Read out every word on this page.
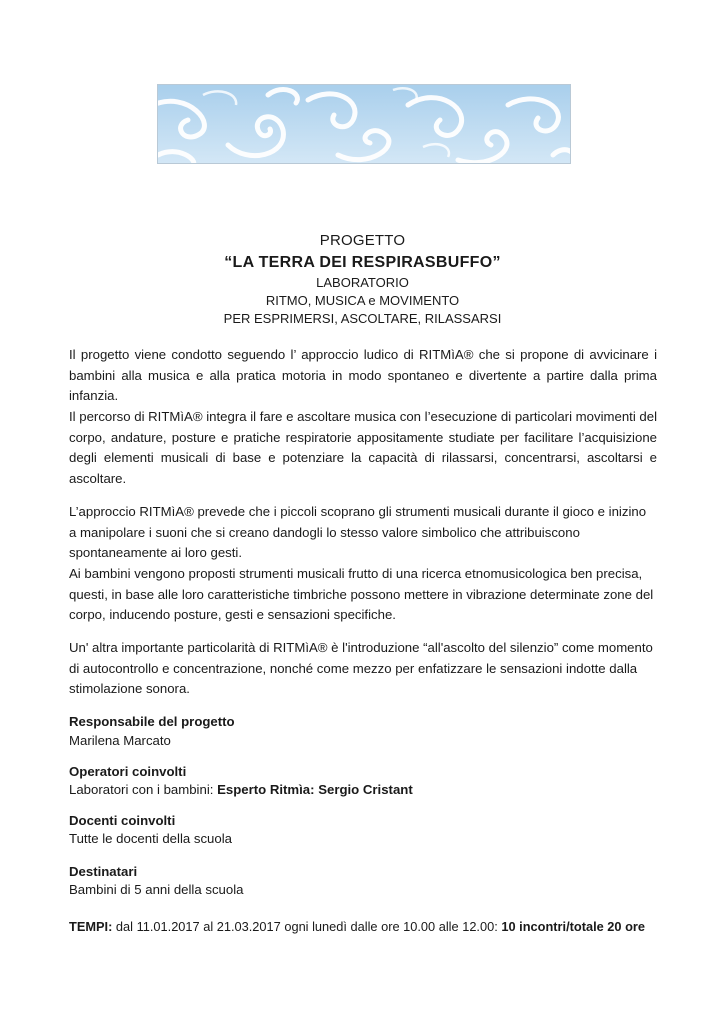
PROGETTO
“LA TERRA DEI RESPIRASBUFFO”
LABORATORIO
RITMO, MUSICA e MOVIMENTO
PER ESPRIMERSI, ASCOLTARE, RILASSARSI

Il progetto viene condotto seguendo l’ approccio ludico di RITMìA® che si propone di avvicinare i bambini alla musica e alla pratica motoria in modo spontaneo e divertente a partire dalla prima infanzia.

Il percorso di RITMìA® integra il fare e ascoltare musica con l’esecuzione di particolari movimenti del corpo, andature, posture e pratiche respiratorie appositamente studiate per facilitare l’acquisizione degli elementi musicali di base e potenziare la capacità di rilassarsi, concentrarsi, ascoltarsi e ascoltare.

L’approccio RITMìA® prevede che i piccoli scoprano gli strumenti musicali durante il gioco e inizino a manipolare i suoni che si creano dandogli lo stesso valore simbolico che attribuiscono spontaneamente ai loro gesti.

Ai bambini vengono proposti strumenti musicali frutto di una ricerca etnomusicologica ben precisa, questi, in base alle loro caratteristiche timbriche possono mettere in vibrazione determinate zone del corpo, inducendo posture, gesti e sensazioni specifiche.

Un' altra importante particolarità di RITMìA® è l'introduzione “all'ascolto del silenzio” come momento di autocontrollo e concentrazione, nonché come mezzo per enfatizzare le sensazioni indotte dalla stimolazione sonora.

Responsabile del progetto
Marilena Marcato
Operatori coinvolti
Laboratori con i bambini: Esperto Ritmìa: Sergio Cristant
Docenti coinvolti
Tutte le docenti della scuola
Destinatari
Bambini di 5 anni della scuola
TEMPI: dal 11.01.2017 al 21.03.2017 ogni lunedì dalle ore 10.00 alle 12.00: 10 incontri/totale 20 ore
